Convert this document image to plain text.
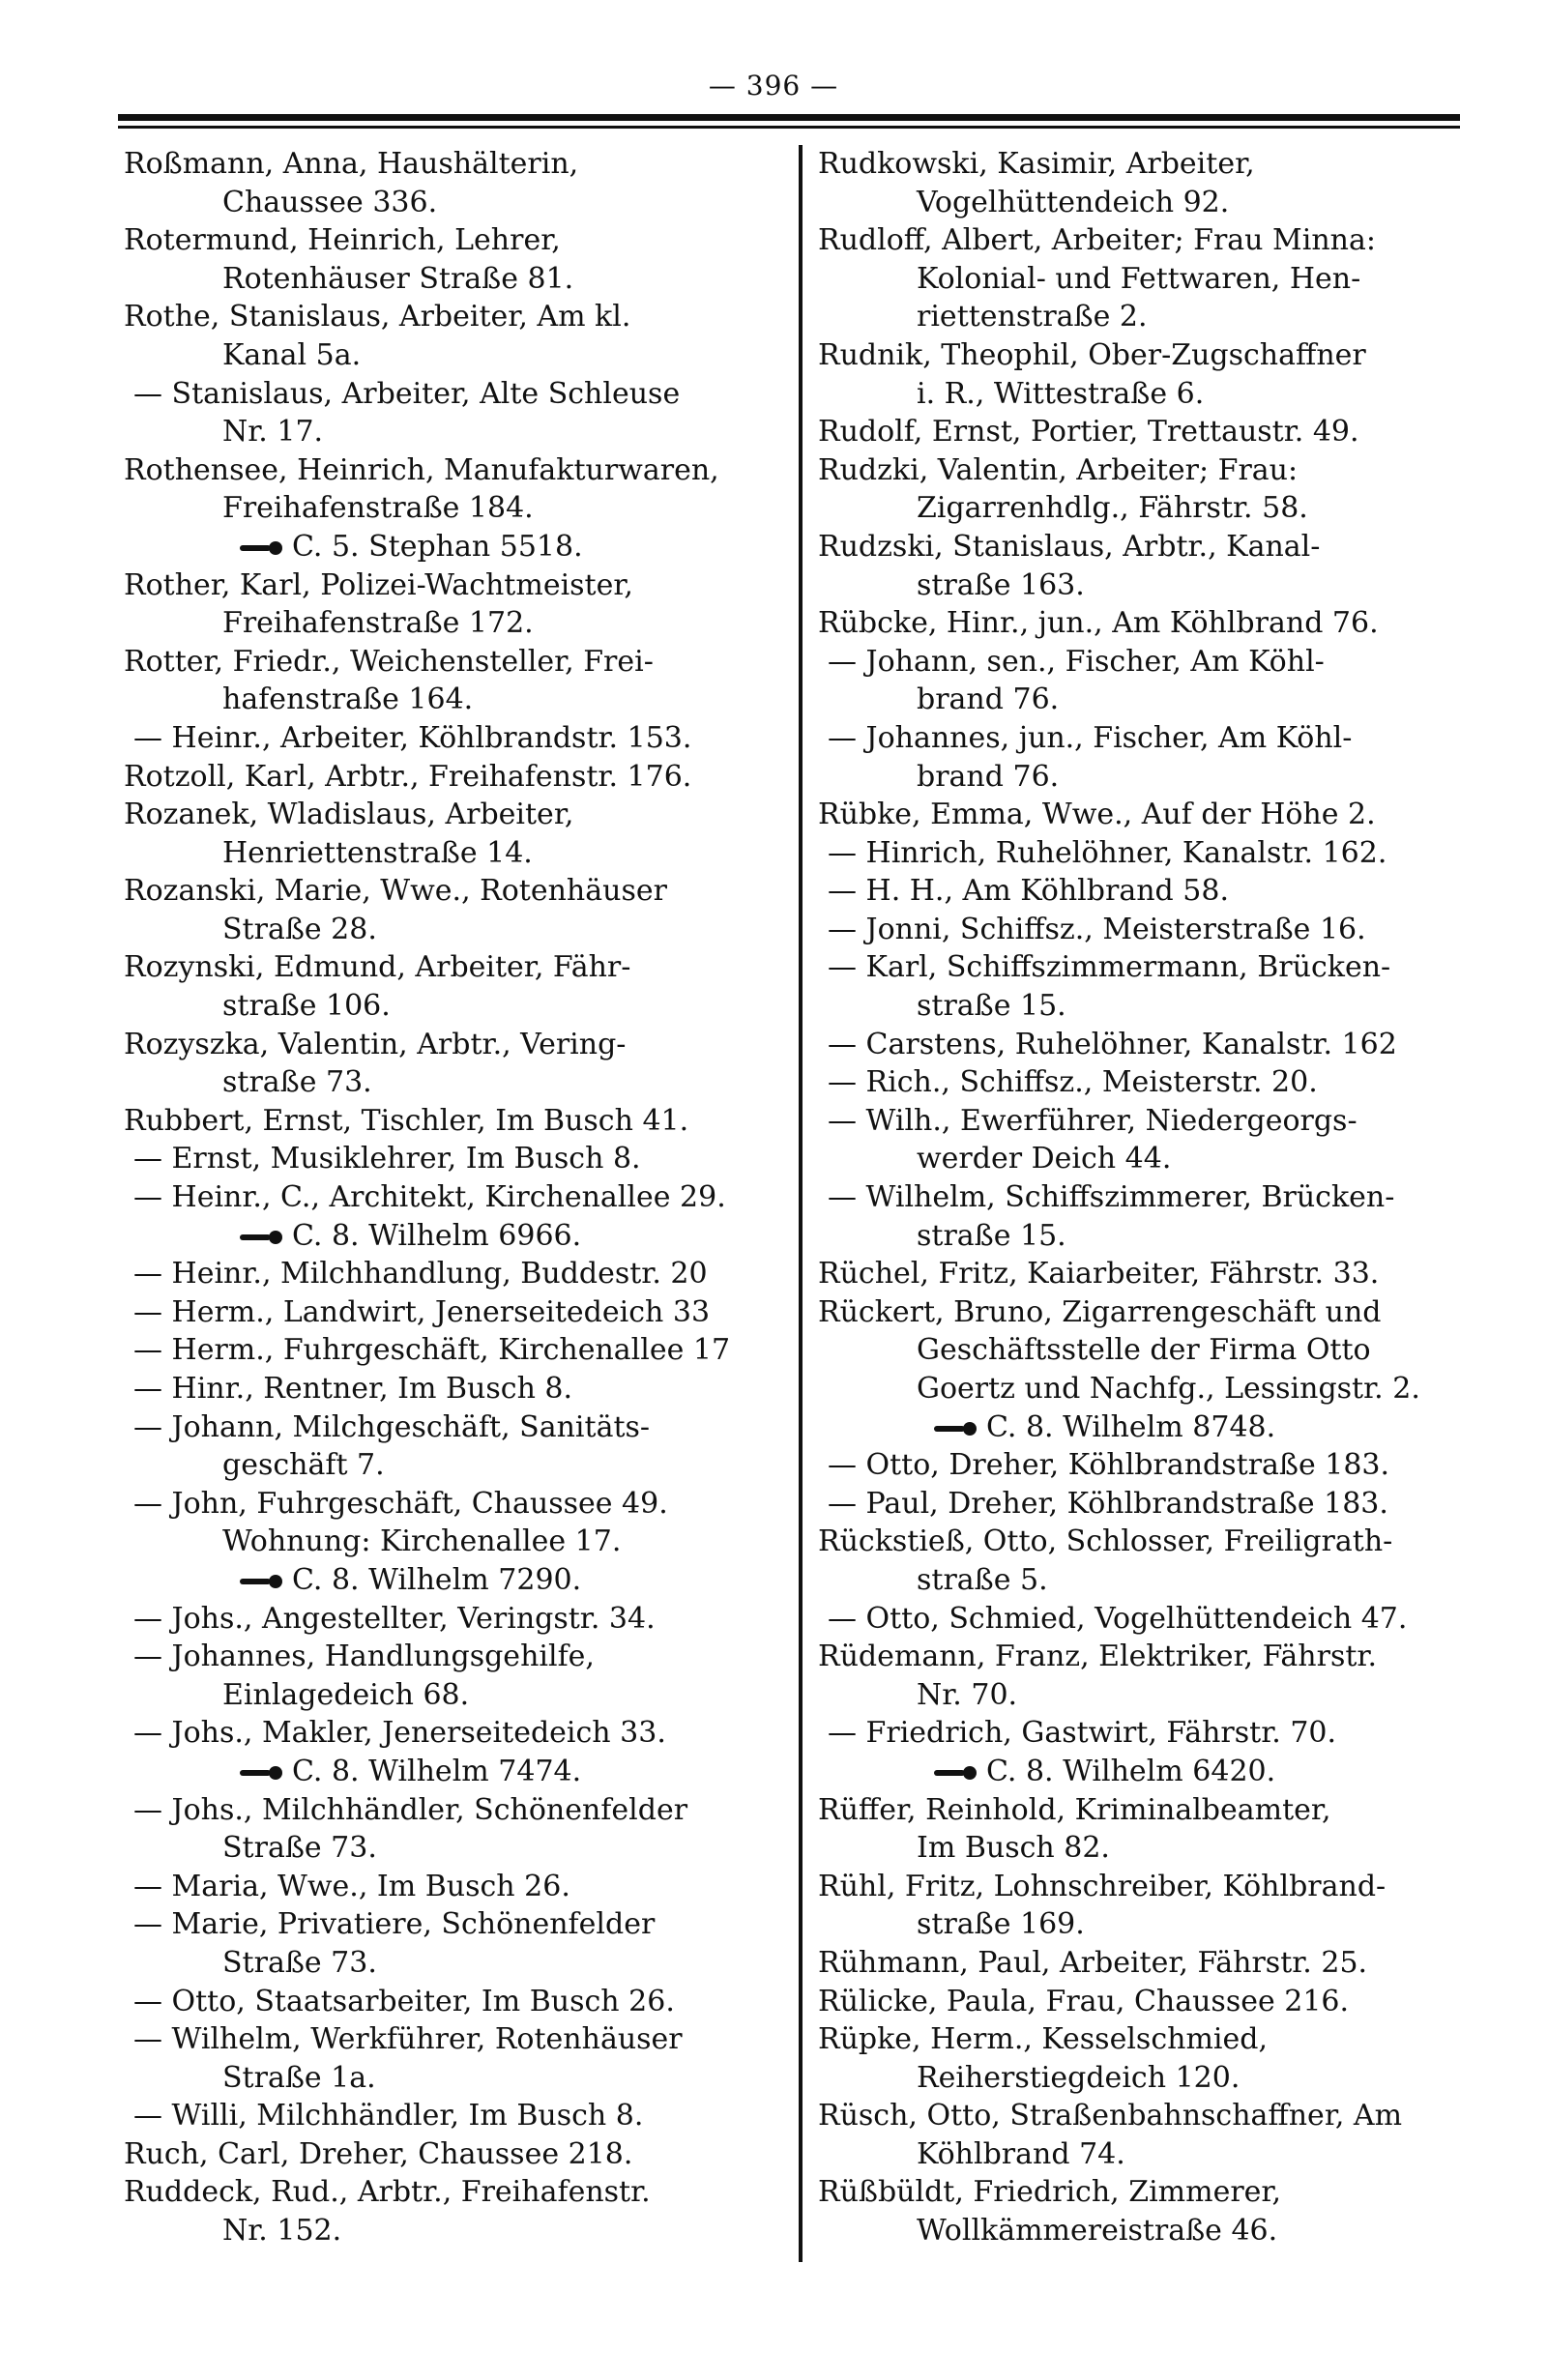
— 396 —
Roßmann, Anna, Haushälterin,
Chaussee 336.
Rotermund, Heinrich, Lehrer,
Rotenhäuser Straße 81.
Rothe, Stanislaus, Arbeiter, Am kl.
Kanal 5a.
— Stanislaus, Arbeiter, Alte Schleuse
Nr. 17.
Rothensee, Heinrich, Manufakturwaren,
Freihafenstraße 184.
C. 5. Stephan 5518.
Rother, Karl, Polizei-Wachtmeister,
Freihafenstraße 172.
Rotter, Friedr., Weichensteller, Frei-
hafenstraße 164.
— Heinr., Arbeiter, Köhlbrandstr. 153.
Rotzoll, Karl, Arbtr., Freihafenstr. 176.
Rozanek, Wladislaus, Arbeiter,
Henriettenstraße 14.
Rozanski, Marie, Wwe., Rotenhäuser
Straße 28.
Rozynski, Edmund, Arbeiter, Fähr-
straße 106.
Rozyszka, Valentin, Arbtr., Vering-
straße 73.
Rubbert, Ernst, Tischler, Im Busch 41.
— Ernst, Musiklehrer, Im Busch 8.
— Heinr., C., Architekt, Kirchenallee 29.
C. 8. Wilhelm 6966.
— Heinr., Milchhandlung, Buddestr. 20
— Herm., Landwirt, Jenerseitedeich 33
— Herm., Fuhrgeschäft, Kirchenallee 17
— Hinr., Rentner, Im Busch 8.
— Johann, Milchgeschäft, Sanitäts-
geschäft 7.
— John, Fuhrgeschäft, Chaussee 49.
Wohnung: Kirchenallee 17.
C. 8. Wilhelm 7290.
— Johs., Angestellter, Veringstr. 34.
— Johannes, Handlungsgehilfe,
Einlagedeich 68.
— Johs., Makler, Jenerseitedeich 33.
C. 8. Wilhelm 7474.
— Johs., Milchhändler, Schönenfelder
Straße 73.
— Maria, Wwe., Im Busch 26.
— Marie, Privatiere, Schönenfelder
Straße 73.
— Otto, Staatsarbeiter, Im Busch 26.
— Wilhelm, Werkführer, Rotenhäuser
Straße 1a.
— Willi, Milchhändler, Im Busch 8.
Ruch, Carl, Dreher, Chaussee 218.
Ruddeck, Rud., Arbtr., Freihafenstr.
Nr. 152.
Rudkowski, Kasimir, Arbeiter,
Vogelhüttendeich 92.
Rudloff, Albert, Arbeiter; Frau Minna:
Kolonial- und Fettwaren, Hen-
riettenstraße 2.
Rudnik, Theophil, Ober-Zugschaffner
i. R., Wittestraße 6.
Rudolf, Ernst, Portier, Trettaustr. 49.
Rudzki, Valentin, Arbeiter; Frau:
Zigarrenhdlg., Fährstr. 58.
Rudzski, Stanislaus, Arbtr., Kanal-
straße 163.
Rübcke, Hinr., jun., Am Köhlbrand 76.
— Johann, sen., Fischer, Am Köhl-
brand 76.
— Johannes, jun., Fischer, Am Köhl-
brand 76.
Rübke, Emma, Wwe., Auf der Höhe 2.
— Hinrich, Ruhelöhner, Kanalstr. 162.
— H. H., Am Köhlbrand 58.
— Jonni, Schiffsz., Meisterstraße 16.
— Karl, Schiffszimmermann, Brücken-
straße 15.
— Carstens, Ruhelöhner, Kanalstr. 162
— Rich., Schiffsz., Meisterstr. 20.
— Wilh., Ewerführer, Niedergeorgs-
werder Deich 44.
— Wilhelm, Schiffszimmerer, Brücken-
straße 15.
Rüchel, Fritz, Kaiarbeiter, Fährstr. 33.
Rückert, Bruno, Zigarrengeschäft und
Geschäftsstelle der Firma Otto
Goertz und Nachfg., Lessingstr. 2.
C. 8. Wilhelm 8748.
— Otto, Dreher, Köhlbrandstraße 183.
— Paul, Dreher, Köhlbrandstraße 183.
Rückstieß, Otto, Schlosser, Freiligrath-
straße 5.
— Otto, Schmied, Vogelhüttendeich 47.
Rüdemann, Franz, Elektriker, Fährstr.
Nr. 70.
— Friedrich, Gastwirt, Fährstr. 70.
C. 8. Wilhelm 6420.
Rüffer, Reinhold, Kriminalbeamter,
Im Busch 82.
Rühl, Fritz, Lohnschreiber, Köhlbrand-
straße 169.
Rühmann, Paul, Arbeiter, Fährstr. 25.
Rülicke, Paula, Frau, Chaussee 216.
Rüpke, Herm., Kesselschmied,
Reiherstiegdeich 120.
Rüsch, Otto, Straßenbahnschaffner, Am
Köhlbrand 74.
Rüßbüldt, Friedrich, Zimmerer,
Wollkämmereistraße 46.
